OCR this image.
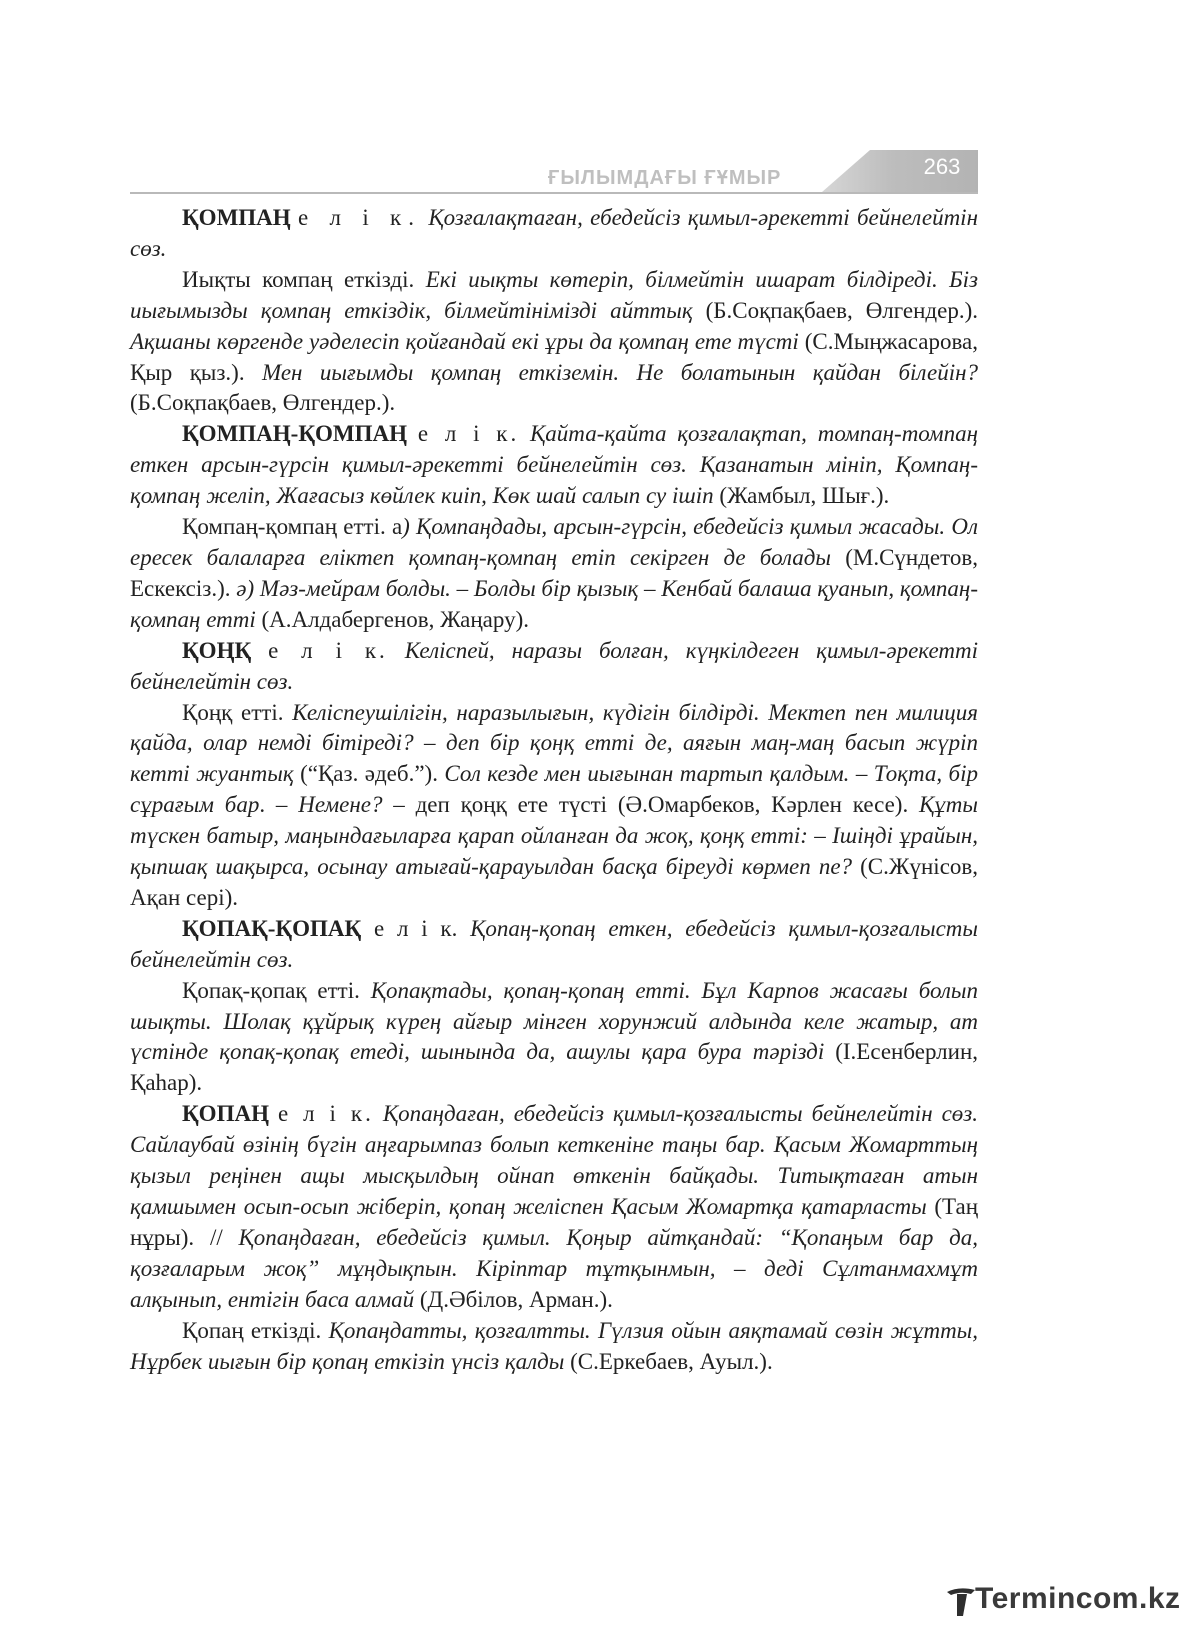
ҒЫЛЫМДАҒЫ ҒҰМЫР	263

ҚОМПАҢ е л і к. Қозғалақтаған, ебедейсіз қимыл-әрекетті бейнелейтін сөз.

Иықты компаң еткізді. Екі иықты көтеріп, білмейтін ишарат білдіреді. Біз иығымызды қомпаң еткіздік, білмейтінімізді айттық (Б.Соқпақбаев, Өлгендер.). Ақшаны көргенде уәделесіп қойғандай екі ұры да қомпаң ете түсті (С.Мыңжасарова, Қыр қыз.). Мен иығымды қомпаң еткіземін. Не болатынын қайдан білейін? (Б.Соқпақбаев, Өлгендер.).

ҚОМПАҢ-ҚОМПАҢ е л і к. Қайта-қайта қозғалақтап, томпаң-томпаң еткен арсын-гүрсін қимыл-әрекетті бейнелейтін сөз. Қазанатын мініп, Қомпаң-қомпаң желіп, Жағасыз көйлек киіп, Көк шай салып су ішіп (Жамбыл, Шығ.).

Қомпаң-қомпаң етті. а) Қомпаңдады, арсын-гүрсін, ебедейсіз қимыл жасады. Ол ересек балаларға еліктеп қомпаң-қомпаң етіп секірген де болады (М.Сүндетов, Ескексіз.). ә) Мәз-мейрам болды. – Болды бір қызық – Кенбай балаша қуанып, қомпаң-қомпаң етті (А.Алдабергенов, Жаңару).

ҚОҢҚ е л і к. Келіспей, наразы болған, күңкілдеген қимыл-әрекетті бейнелейтін сөз.

Қоңқ етті. Келіспеушілігін, наразылығын, күдігін білдірді. Мектеп пен милиция қайда, олар немді бітіреді? – деп бір қоңқ етті де, аяғын маң-маң басып жүріп кетті жуантық (“Қаз. әдеб.”). Сол кезде мен иығынан тартып қалдым. – Тоқта, бір сұрағым бар. – Немене? – деп қоңқ ете түсті (Ә.Омарбеков, Кәрлен кесе). Құты түскен батыр, маңындағыларға қарап ойланған да жоқ, қоңқ етті: – Ішіңді ұрайын, қыпшақ шақырса, осынау атығай-қарауылдан басқа біреуді көрмеп пе? (С.Жүнісов, Ақан сері).

ҚОПАҚ-ҚОПАҚ е л і к. Қопаң-қопаң еткен, ебедейсіз қимыл-қозғалысты бейнелейтін сөз.

Қопақ-қопақ етті. Қопақтады, қопаң-қопаң етті. Бұл Карпов жасағы болып шықты. Шолақ құйрық күрең айғыр мінген хорунжий алдында келе жатыр, ат үстінде қопақ-қопақ етеді, шынында да, ашулы қара бура тәрізді (І.Есенберлин, Қаһар).

ҚОПАҢ е л і к. Қопаңдаған, ебедейсіз қимыл-қозғалысты бейнелейтін сөз. Сайлаубай өзінің бүгін аңғарымпаз болып кеткеніне таңы бар. Қасым Жомарттың қызыл реңінен ащы мысқылдың ойнап өткенін байқады. Титықтаған атын қамшымен осып-осып жіберіп, қопаң желіспен Қасым Жомартқа қатарласты (Таң нұры). // Қопаңдаған, ебедейсіз қимыл. Қоңыр айтқандай: “Қопаңым бар да, қозғаларым жоқ” мұңдықпын. Кіріптар тұтқынмын, – деді Сұлтанмахмұт алқынып, ентігін баса алмай (Д.Әбілов, Арман.).

Қопаң еткізді. Қопаңдатты, қозғалтты. Гүлзия ойын аяқтамай сөзін жұтты, Нұрбек иығын бір қопаң еткізіп үнсіз қалды (С.Еркебаев, Ауыл.).

Termincom.kz
